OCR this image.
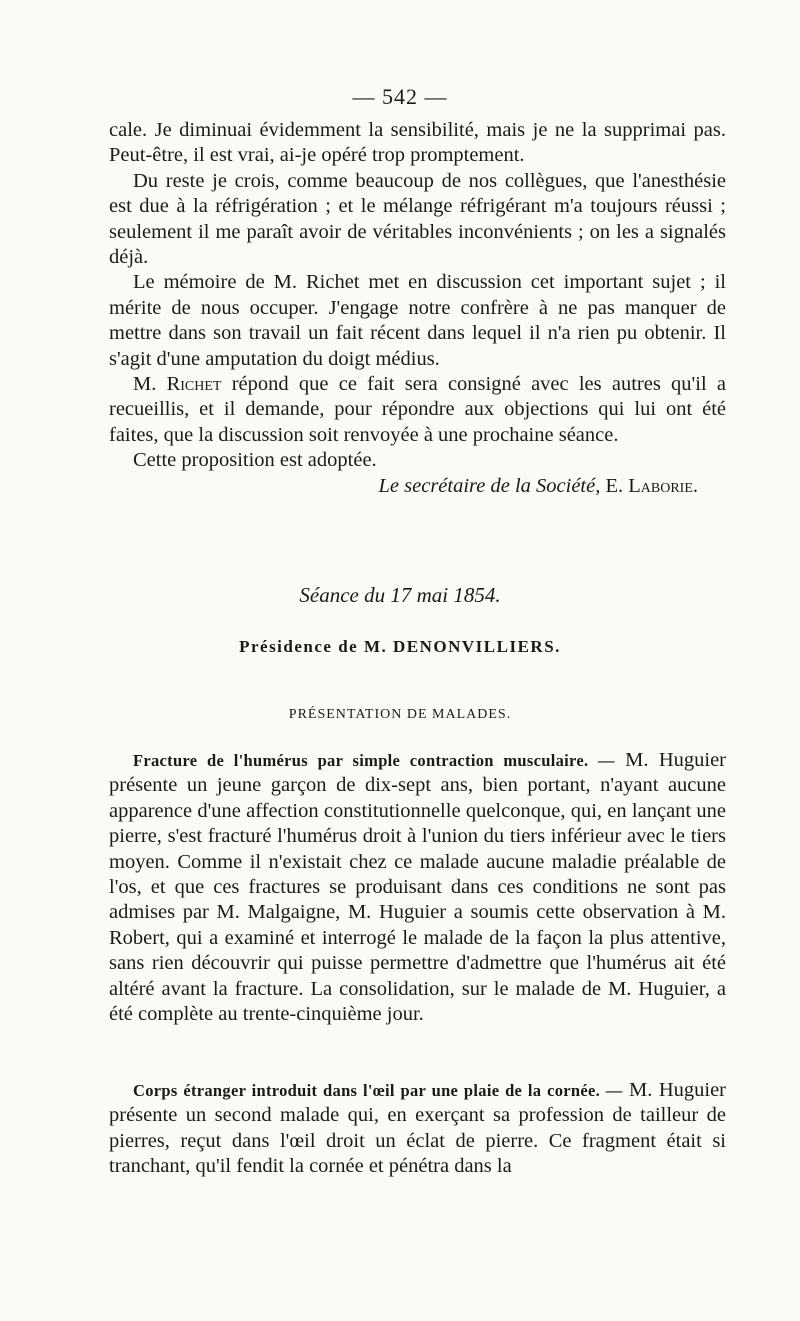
— 542 —

cale. Je diminuai évidemment la sensibilité, mais je ne la supprimai pas. Peut-être, il est vrai, ai-je opéré trop promptement.

Du reste je crois, comme beaucoup de nos collègues, que l'anesthésie est due à la réfrigération ; et le mélange réfrigérant m'a toujours réussi ; seulement il me paraît avoir de véritables inconvénients ; on les a signalés déjà.

Le mémoire de M. Richet met en discussion cet important sujet ; il mérite de nous occuper. J'engage notre confrère à ne pas manquer de mettre dans son travail un fait récent dans lequel il n'a rien pu obtenir. Il s'agit d'une amputation du doigt médius.

M. Richet répond que ce fait sera consigné avec les autres qu'il a recueillis, et il demande, pour répondre aux objections qui lui ont été faites, que la discussion soit renvoyée à une prochaine séance.

Cette proposition est adoptée.

Le secrétaire de la Société, E. Laborie.

Séance du 17 mai 1854.
Présidence de M. DENONVILLIERS.
PRÉSENTATION DE MALADES.

Fracture de l'humérus par simple contraction musculaire. — M. Huguier présente un jeune garçon de dix-sept ans, bien portant, n'ayant aucune apparence d'une affection constitutionnelle quelconque, qui, en lançant une pierre, s'est fracturé l'humérus droit à l'union du tiers inférieur avec le tiers moyen. Comme il n'existait chez ce malade aucune maladie préalable de l'os, et que ces fractures se produisant dans ces conditions ne sont pas admises par M. Malgaigne, M. Huguier a soumis cette observation à M. Robert, qui a examiné et interrogé le malade de la façon la plus attentive, sans rien découvrir qui puisse permettre d'admettre que l'humérus ait été altéré avant la fracture. La consolidation, sur le malade de M. Huguier, a été complète au trente-cinquième jour.

Corps étranger introduit dans l'œil par une plaie de la cornée. — M. Huguier présente un second malade qui, en exerçant sa profession de tailleur de pierres, reçut dans l'œil droit un éclat de pierre. Ce fragment était si tranchant, qu'il fendit la cornée et pénétra dans la
